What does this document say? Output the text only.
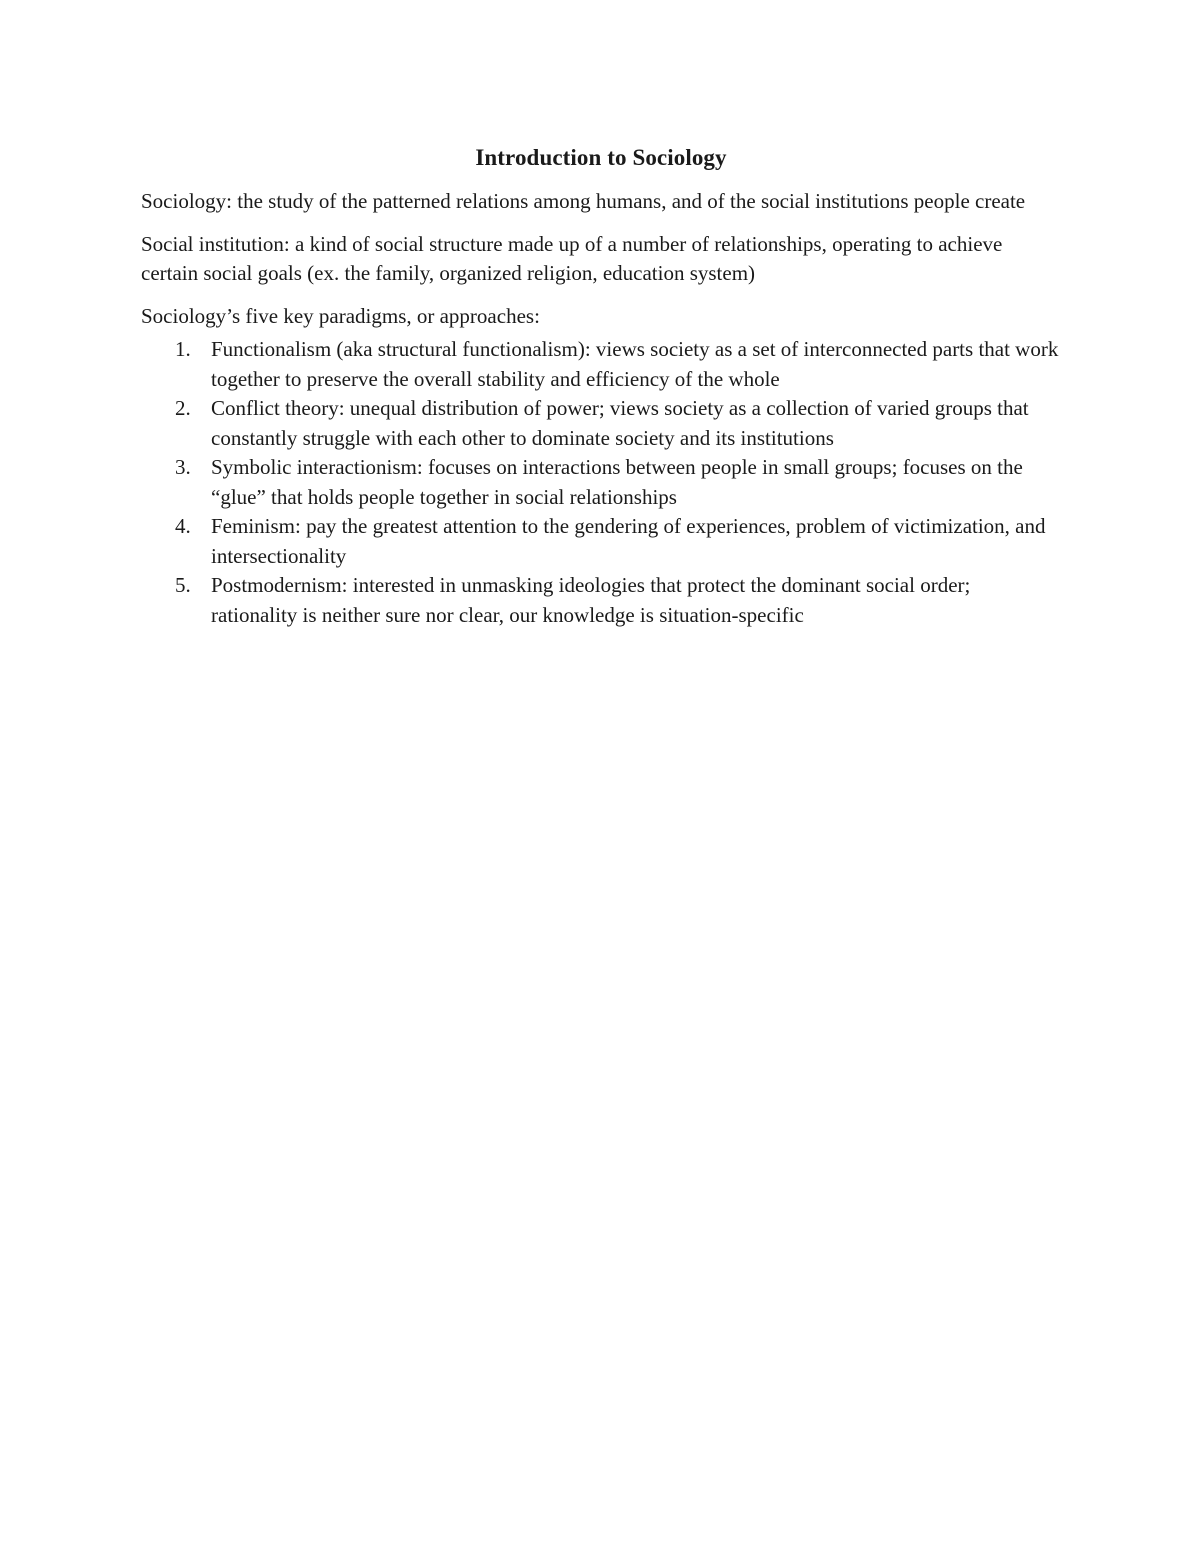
Introduction to Sociology

Sociology: the study of the patterned relations among humans, and of the social institutions people create

Social institution: a kind of social structure made up of a number of relationships, operating to achieve certain social goals (ex. the family, organized religion, education system)

Sociology’s five key paradigms, or approaches:

1. Functionalism (aka structural functionalism): views society as a set of interconnected parts that work together to preserve the overall stability and efficiency of the whole
2. Conflict theory: unequal distribution of power; views society as a collection of varied groups that constantly struggle with each other to dominate society and its institutions
3. Symbolic interactionism: focuses on interactions between people in small groups; focuses on the “glue” that holds people together in social relationships
4. Feminism: pay the greatest attention to the gendering of experiences, problem of victimization, and intersectionality
5. Postmodernism: interested in unmasking ideologies that protect the dominant social order; rationality is neither sure nor clear, our knowledge is situation-specific
